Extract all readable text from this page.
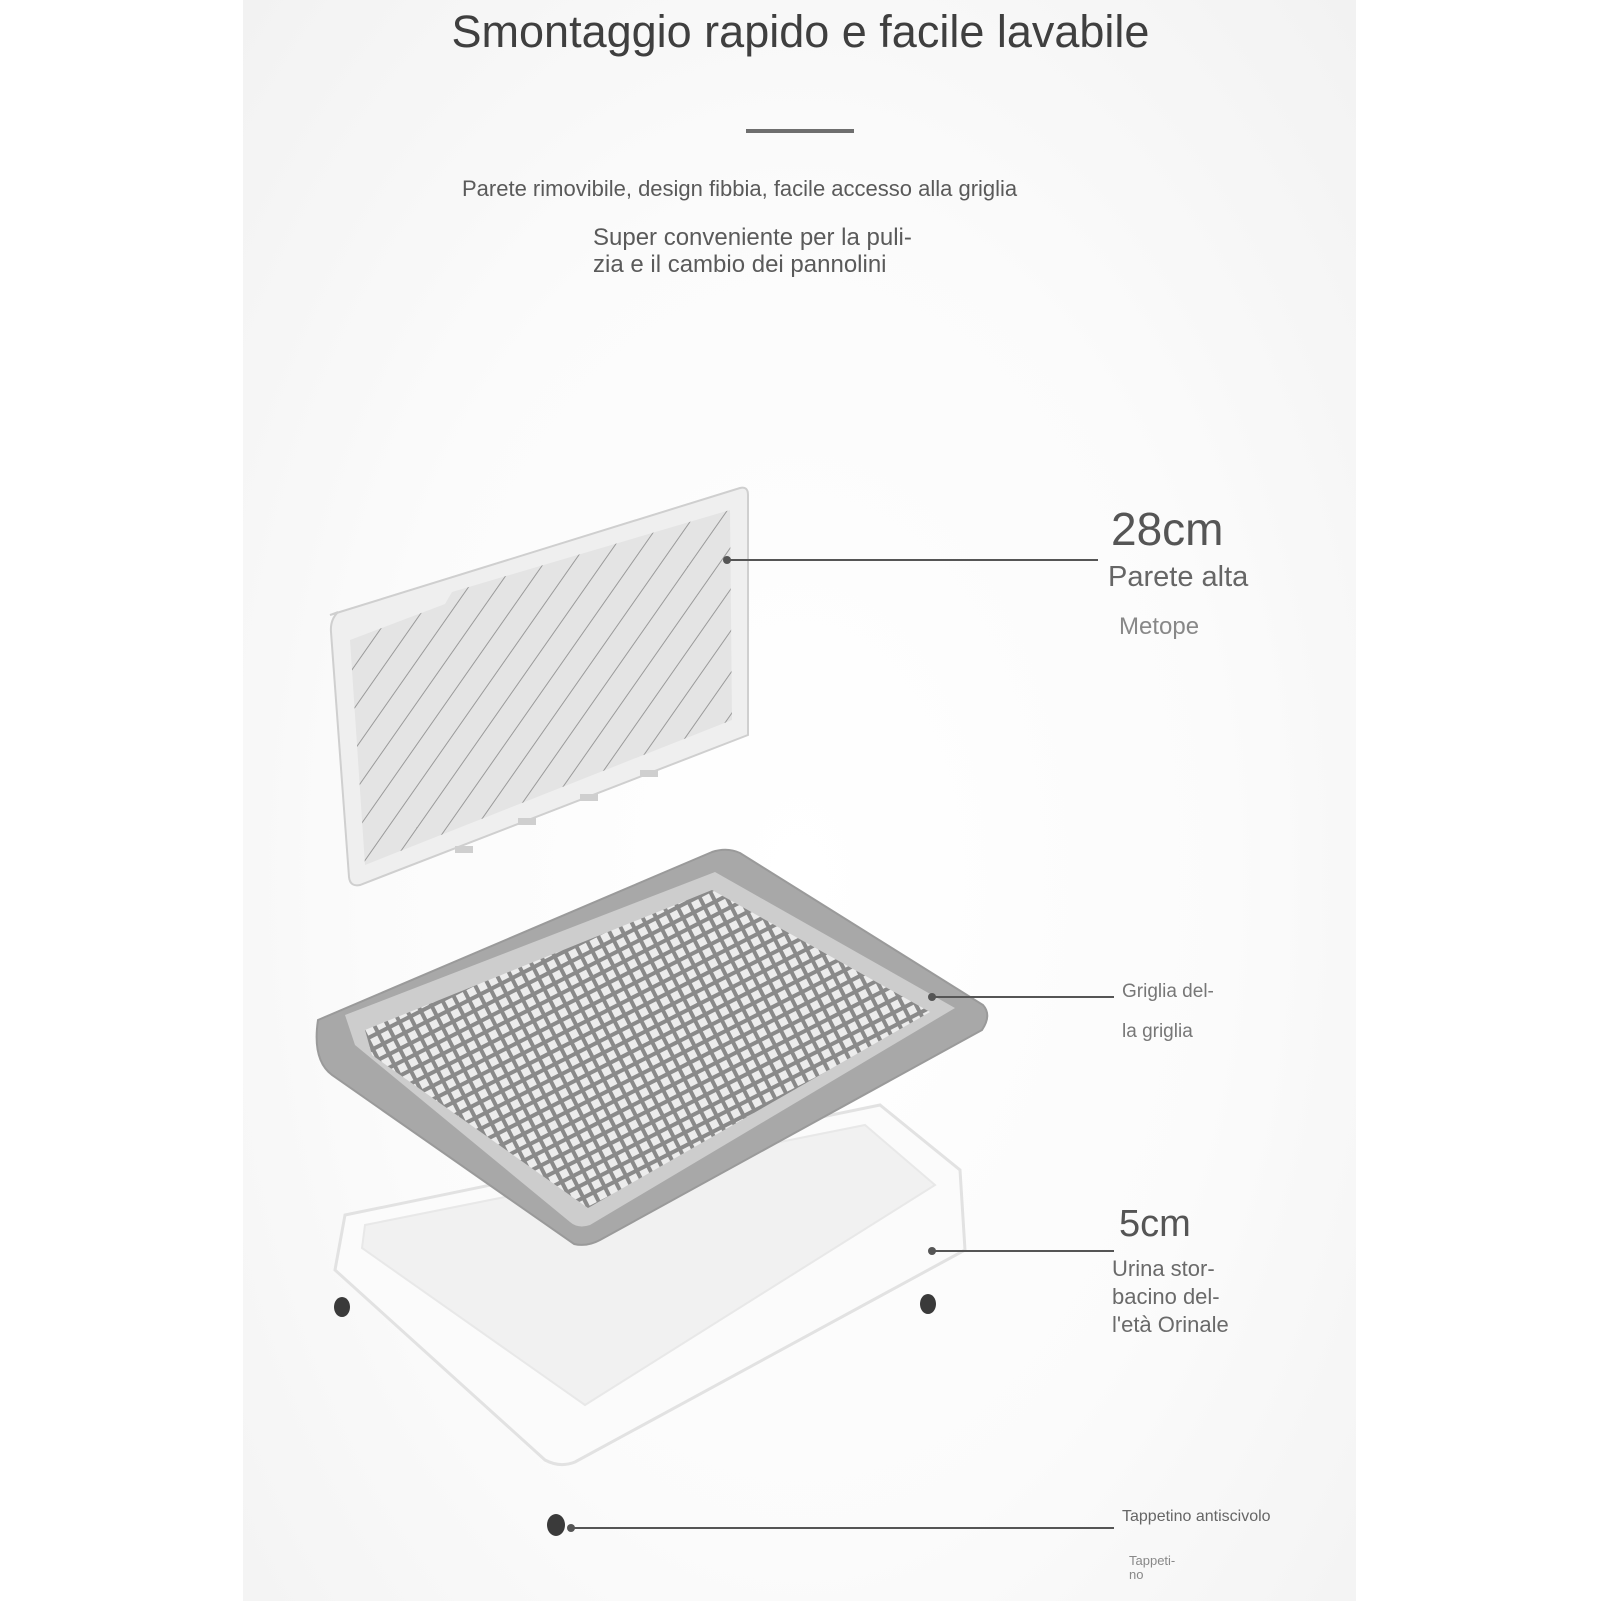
Smontaggio rapido e facile lavabile
Parete rimovibile, design fibbia, facile accesso alla griglia
Super conveniente per la puli-
zia e il cambio dei pannolini
28cm
Parete alta
Metope
Griglia del-
la griglia
5cm
Urina stor-
bacino del-
l'età Orinale
Tappetino antiscivolo
Tappeti-
no
